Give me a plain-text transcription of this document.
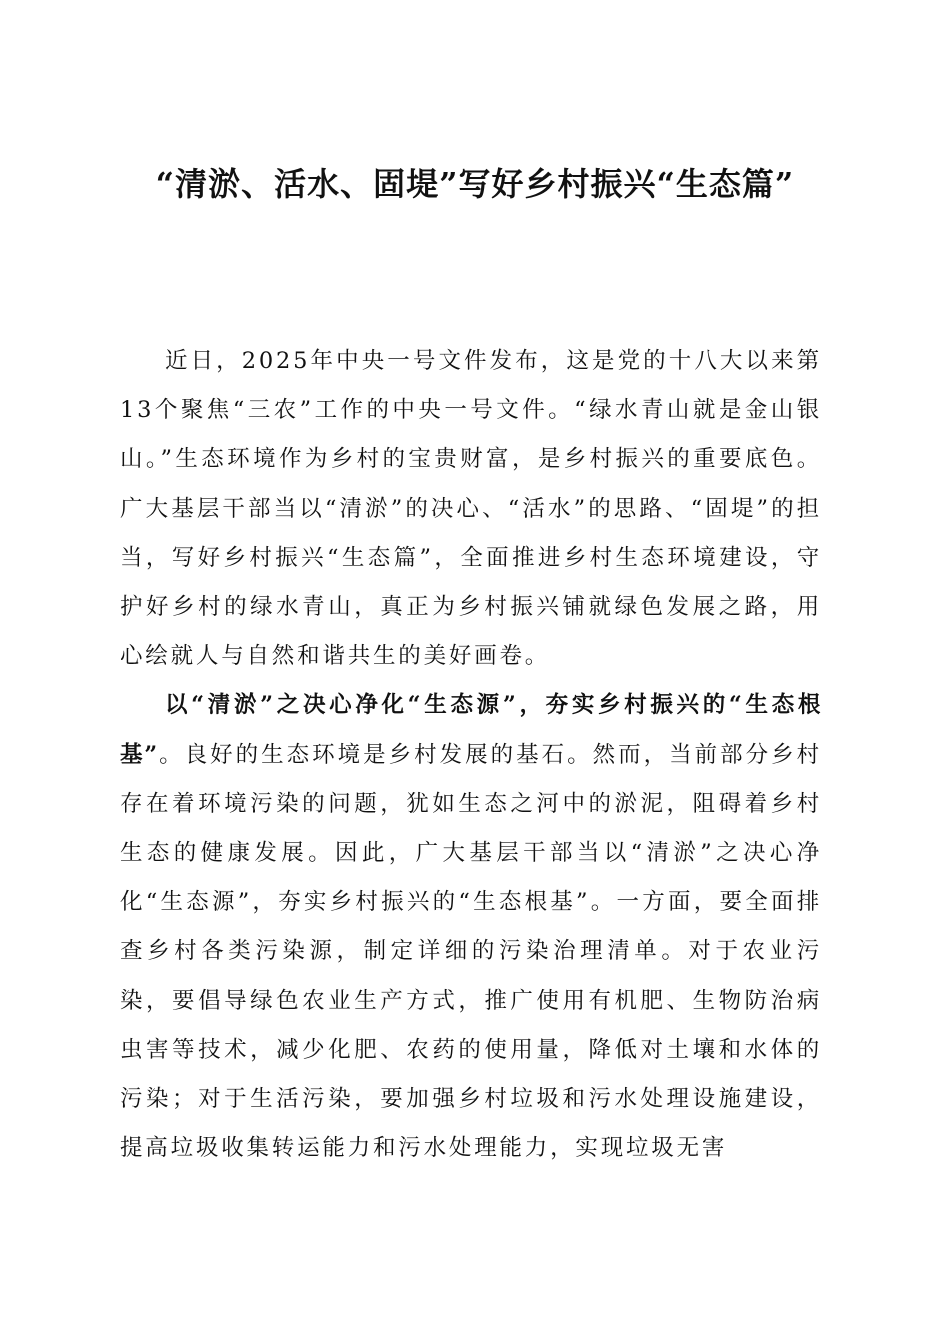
“清淤、活水、固堤”写好乡村振兴“生态篇”

近日，2025年中央一号文件发布，这是党的十八大以来第13个聚焦“三农”工作的中央一号文件。“绿水青山就是金山银山。”生态环境作为乡村的宝贵财富，是乡村振兴的重要底色。广大基层干部当以“清淤”的决心、“活水”的思路、“固堤”的担当，写好乡村振兴“生态篇”，全面推进乡村生态环境建设，守护好乡村的绿水青山，真正为乡村振兴铺就绿色发展之路，用心绘就人与自然和谐共生的美好画卷。

以“清淤”之决心净化“生态源”，夯实乡村振兴的“生态根基”。良好的生态环境是乡村发展的基石。然而，当前部分乡村存在着环境污染的问题，犹如生态之河中的淤泥，阻碍着乡村生态的健康发展。因此，广大基层干部当以“清淤”之决心净化“生态源”，夯实乡村振兴的“生态根基”。一方面，要全面排查乡村各类污染源，制定详细的污染治理清单。对于农业污染，要倡导绿色农业生产方式，推广使用有机肥、生物防治病虫害等技术，减少化肥、农药的使用量，降低对土壤和水体的污染；对于生活污染，要加强乡村垃圾和污水处理设施建设，提高垃圾收集转运能力和污水处理能力，实现垃圾无害
